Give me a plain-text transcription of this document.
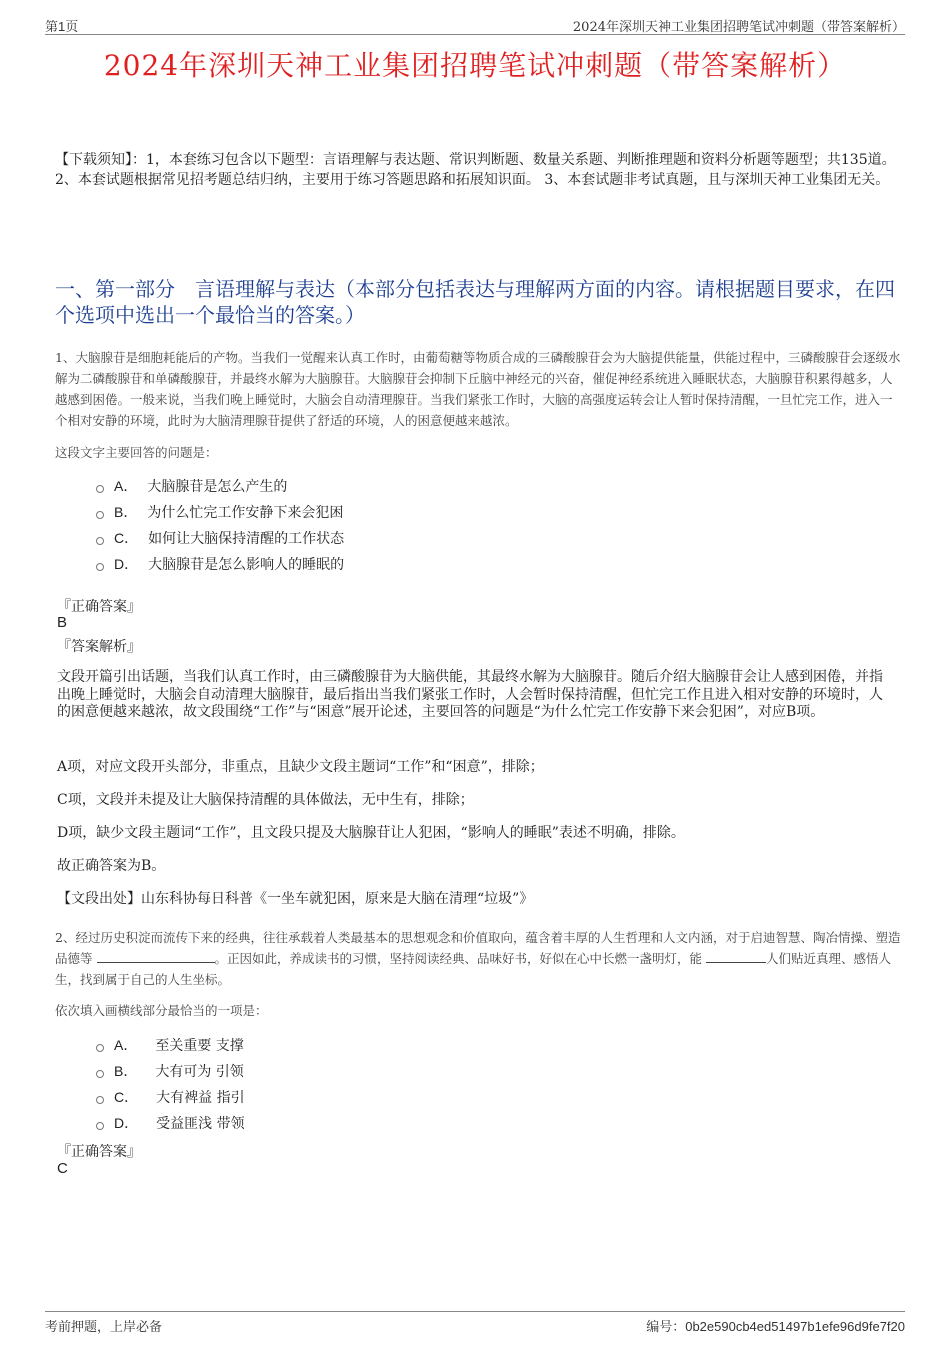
第1页	2024年深圳天神工业集团招聘笔试冲刺题（带答案解析）
2024年深圳天神工业集团招聘笔试冲刺题（带答案解析）
【下载须知】：1，本套练习包含以下题型：言语理解与表达题、常识判断题、数量关系题、判断推理题和资料分析题等题型；共135道。 2、本套试题根据常见招考题总结归纳，主要用于练习答题思路和拓展知识面。 3、本套试题非考试真题，且与深圳天神工业集团无关。
一、第一部分　言语理解与表达（本部分包括表达与理解两方面的内容。请根据题目要求，在四个选项中选出一个最恰当的答案。）
1、大脑腺苷是细胞耗能后的产物。当我们一觉醒来认真工作时，由葡萄糖等物质合成的三磷酸腺苷会为大脑提供能量，供能过程中，三磷酸腺苷会逐级水解为二磷酸腺苷和单磷酸腺苷，并最终水解为大脑腺苷。大脑腺苷会抑制下丘脑中神经元的兴奋，催促神经系统进入睡眠状态，大脑腺苷积累得越多，人越感到困倦。一般来说，当我们晚上睡觉时，大脑会自动清理腺苷。当我们紧张工作时，大脑的高强度运转会让人暂时保持清醒，一旦忙完工作，进入一个相对安静的环境，此时为大脑清理腺苷提供了舒适的环境，人的困意便越来越浓。
这段文字主要回答的问题是：
A． 大脑腺苷是怎么产生的
B． 为什么忙完工作安静下来会犯困
C． 如何让大脑保持清醒的工作状态
D． 大脑腺苷是怎么影响人的睡眠的
『正确答案』
B
『答案解析』
文段开篇引出话题，当我们认真工作时，由三磷酸腺苷为大脑供能，其最终水解为大脑腺苷。随后介绍大脑腺苷会让人感到困倦，并指出晚上睡觉时，大脑会自动清理大脑腺苷，最后指出当我们紧张工作时，人会暂时保持清醒，但忙完工作且进入相对安静的环境时，人的困意便越来越浓，故文段围绕“工作”与“困意”展开论述，主要回答的问题是“为什么忙完工作安静下来会犯困”，对应B项。
A项，对应文段开头部分，非重点，且缺少文段主题词“工作”和“困意”，排除；
C项，文段并未提及让大脑保持清醒的具体做法，无中生有，排除；
D项，缺少文段主题词“工作”，且文段只提及大脑腺苷让人犯困，“影响人的睡眠”表述不明确，排除。
故正确答案为B。
【文段出处】山东科协每日科普《一坐车就犯困，原来是大脑在清理“垃圾”》
2、经过历史积淀而流传下来的经典，往往承载着人类最基本的思想观念和价值取向，蕴含着丰厚的人生哲理和人文内涵，对于启迪智慧、陶冶情操、塑造品德等	。正因如此，养成读书的习惯，坚持阅读经典、品味好书，好似在心中长燃一盏明灯，能	人们贴近真理、感悟人生，找到属于自己的人生坐标。
依次填入画横线部分最恰当的一项是：
A． 至关重要 支撑
B． 大有可为 引领
C． 大有裨益 指引
D． 受益匪浅 带领
『正确答案』
C
考前押题，上岸必备	编号：0b2e590cb4ed51497b1efe96d9fe7f20
